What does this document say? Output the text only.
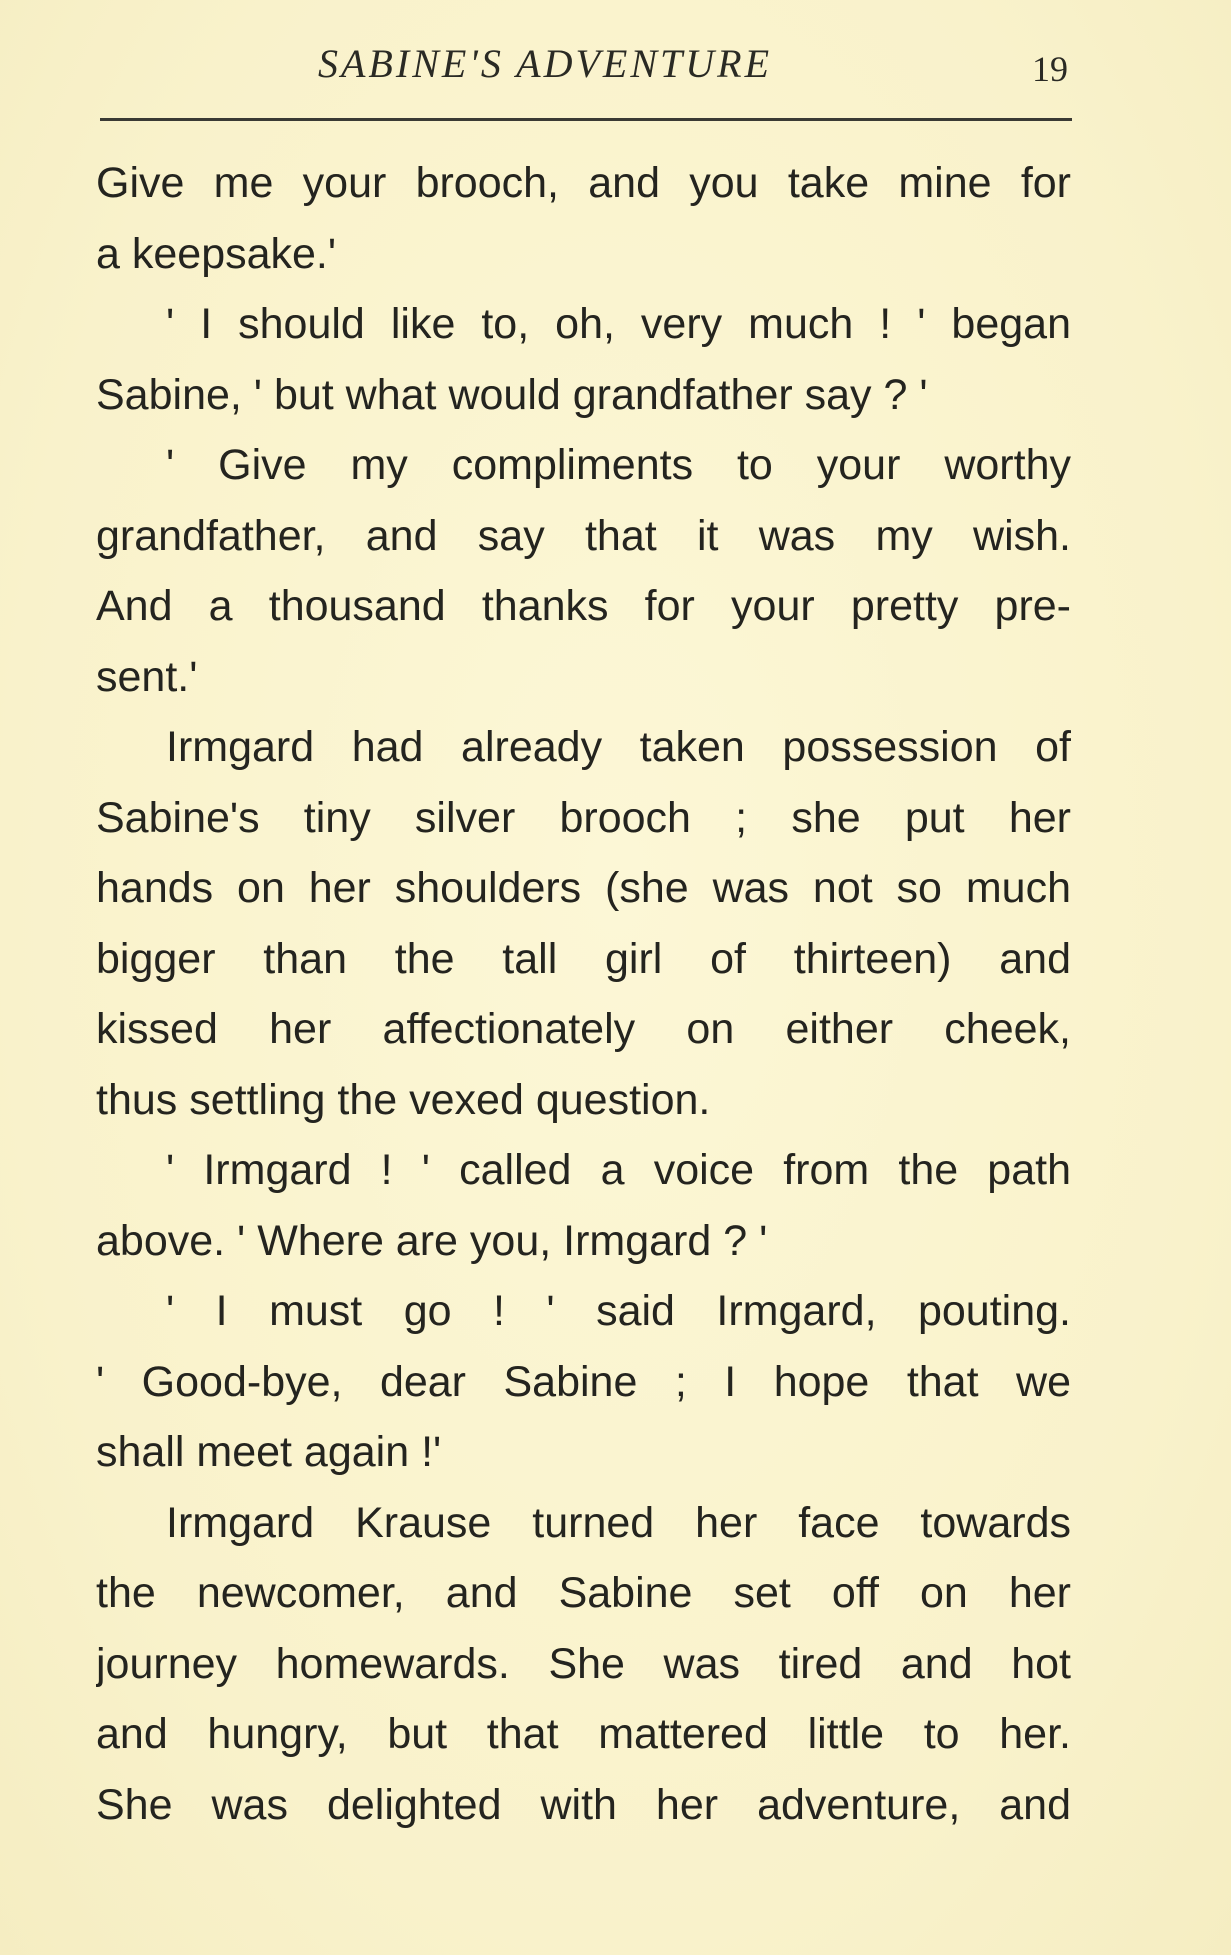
SABINE'S ADVENTURE	19
Give me your brooch, and you take mine for
a keepsake.'
' I should like to, oh, very much ! ' began
Sabine, ' but what would grandfather say ? '
' Give my compliments to your worthy
grandfather, and say that it was my wish.
And a thousand thanks for your pretty pre-
sent.'
Irmgard had already taken possession of
Sabine's tiny silver brooch ; she put her
hands on her shoulders (she was not so much
bigger than the tall girl of thirteen) and
kissed her affectionately on either cheek,
thus settling the vexed question.
' Irmgard ! ' called a voice from the path
above. ' Where are you, Irmgard ? '
' I must go ! ' said Irmgard, pouting.
' Good-bye, dear Sabine ; I hope that we
shall meet again !'
Irmgard Krause turned her face towards
the newcomer, and Sabine set off on her
journey homewards. She was tired and hot
and hungry, but that mattered little to her.
She was delighted with her adventure, and
